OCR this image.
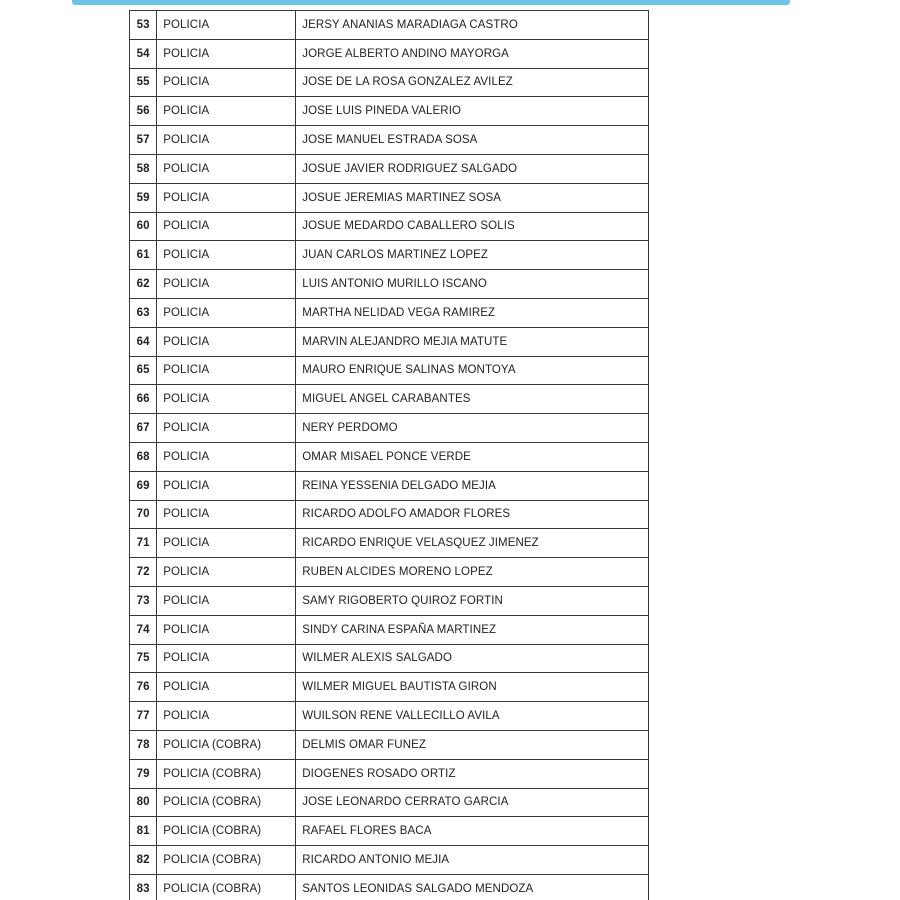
53	POLICIA	JERSY ANANIAS MARADIAGA CASTRO
54	POLICIA	JORGE ALBERTO ANDINO MAYORGA
55	POLICIA	JOSE DE LA ROSA GONZALEZ AVILEZ
56	POLICIA	JOSE LUIS PINEDA VALERIO
57	POLICIA	JOSE MANUEL ESTRADA SOSA
58	POLICIA	JOSUE JAVIER RODRIGUEZ SALGADO
59	POLICIA	JOSUE JEREMIAS MARTINEZ SOSA
60	POLICIA	JOSUE MEDARDO CABALLERO SOLIS
61	POLICIA	JUAN CARLOS MARTINEZ LOPEZ
62	POLICIA	LUIS ANTONIO MURILLO ISCANO
63	POLICIA	MARTHA NELIDAD VEGA RAMIREZ
64	POLICIA	MARVIN ALEJANDRO MEJIA MATUTE
65	POLICIA	MAURO ENRIQUE SALINAS MONTOYA
66	POLICIA	MIGUEL ANGEL CARABANTES
67	POLICIA	NERY PERDOMO
68	POLICIA	OMAR MISAEL PONCE VERDE
69	POLICIA	REINA YESSENIA DELGADO MEJIA
70	POLICIA	RICARDO ADOLFO AMADOR FLORES
71	POLICIA	RICARDO ENRIQUE VELASQUEZ JIMENEZ
72	POLICIA	RUBEN ALCIDES MORENO LOPEZ
73	POLICIA	SAMY RIGOBERTO QUIROZ FORTIN
74	POLICIA	SINDY CARINA ESPAÑA MARTINEZ
75	POLICIA	WILMER ALEXIS SALGADO
76	POLICIA	WILMER MIGUEL BAUTISTA GIRON
77	POLICIA	WUILSON RENE VALLECILLO AVILA
78	POLICIA (COBRA)	DELMIS OMAR FUNEZ
79	POLICIA (COBRA)	DIOGENES ROSADO ORTIZ
80	POLICIA (COBRA)	JOSE LEONARDO CERRATO GARCIA
81	POLICIA (COBRA)	RAFAEL FLORES BACA
82	POLICIA (COBRA)	RICARDO ANTONIO MEJIA
83	POLICIA (COBRA)	SANTOS LEONIDAS SALGADO MENDOZA
